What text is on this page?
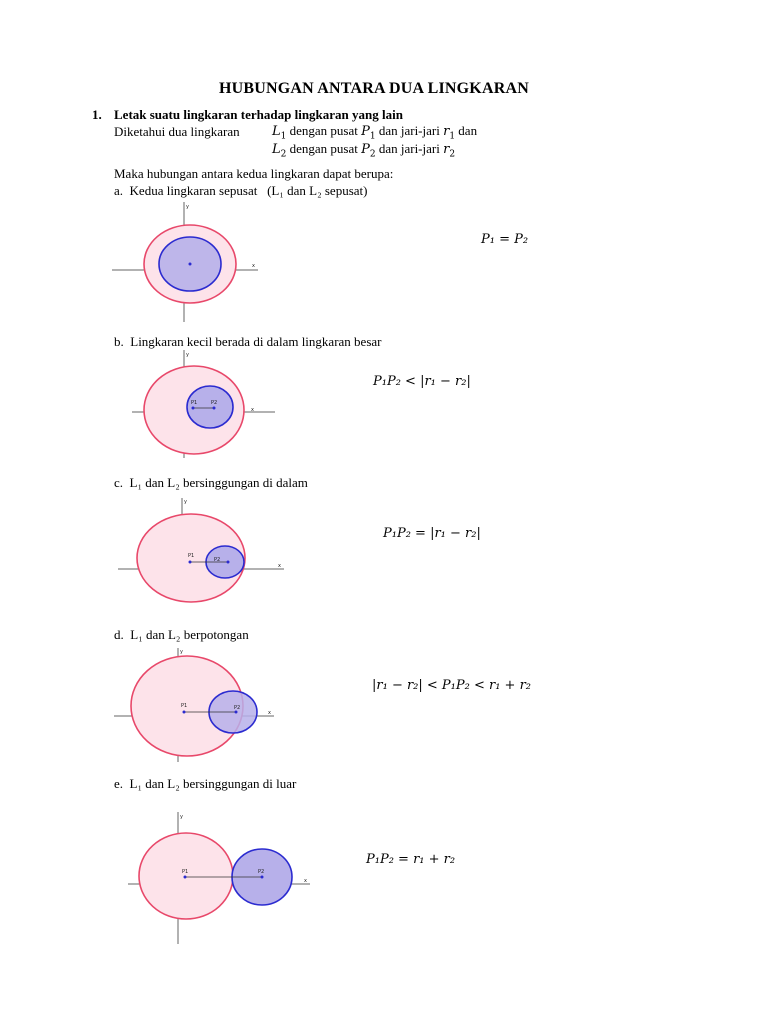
HUBUNGAN ANTARA DUA LINGKARAN
1. Letak suatu lingkaran terhadap lingkaran yang lain
Diketahui dua lingkaran $L_1$ dengan pusat $P_1$ dan jari-jari $r_1$ dan
$L_2$ dengan pusat $P_2$ dan jari-jari $r_2$
Maka hubungan antara kedua lingkaran dapat berupa:
a. Kedua lingkaran sepusat (L₁ dan L₂ sepusat)
y
x
P₁ = P₂
b. Lingkaran kecil berada di dalam lingkaran besar
y
x
P1	P2
P₁P₂ < |r₁ − r₂|
c. L₁ dan L₂ bersinggungan di dalam
y
x
P1
P2
P₁P₂ = |r₁ − r₂|
d. L₁ dan L₂ berpotongan
y
x
P1	P2
|r₁ − r₂| < P₁P₂ < r₁ + r₂
e. L₁ dan L₂ bersinggungan di luar
y
x
P1	P2
P₁P₂ = r₁ + r₂
